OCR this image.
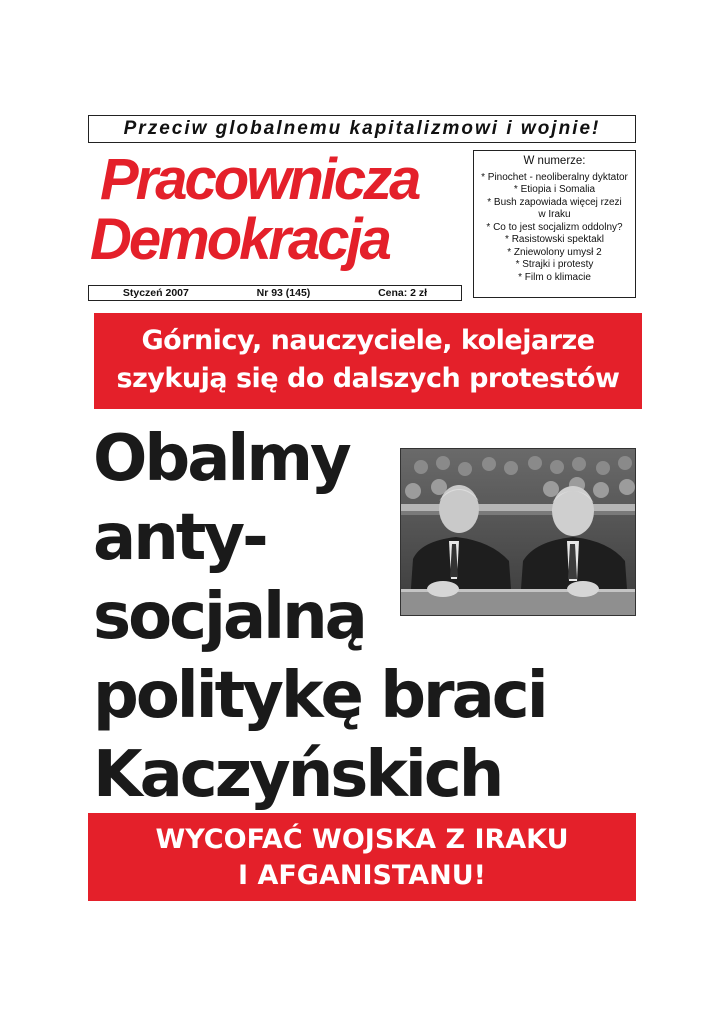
Przeciw globalnemu kapitalizmowi i wojnie!
Pracownicza
Demokracja
Styczeń 2007	Nr 93 (145)	Cena: 2 zł
W numerze:
* Pinochet - neoliberalny dyktator
* Etiopia i Somalia
* Bush zapowiada więcej rzezi
w Iraku
* Co to jest socjalizm oddolny?
* Rasistowski spektakl
* Zniewolony umysł 2
* Strajki i protesty
* Film o klimacie
Górnicy, nauczyciele, kolejarze
szykują się do dalszych protestów
Obalmy
anty-
socjalną
politykę braci
Kaczyńskich
WYCOFAĆ WOJSKA Z IRAKU
I AFGANISTANU!
